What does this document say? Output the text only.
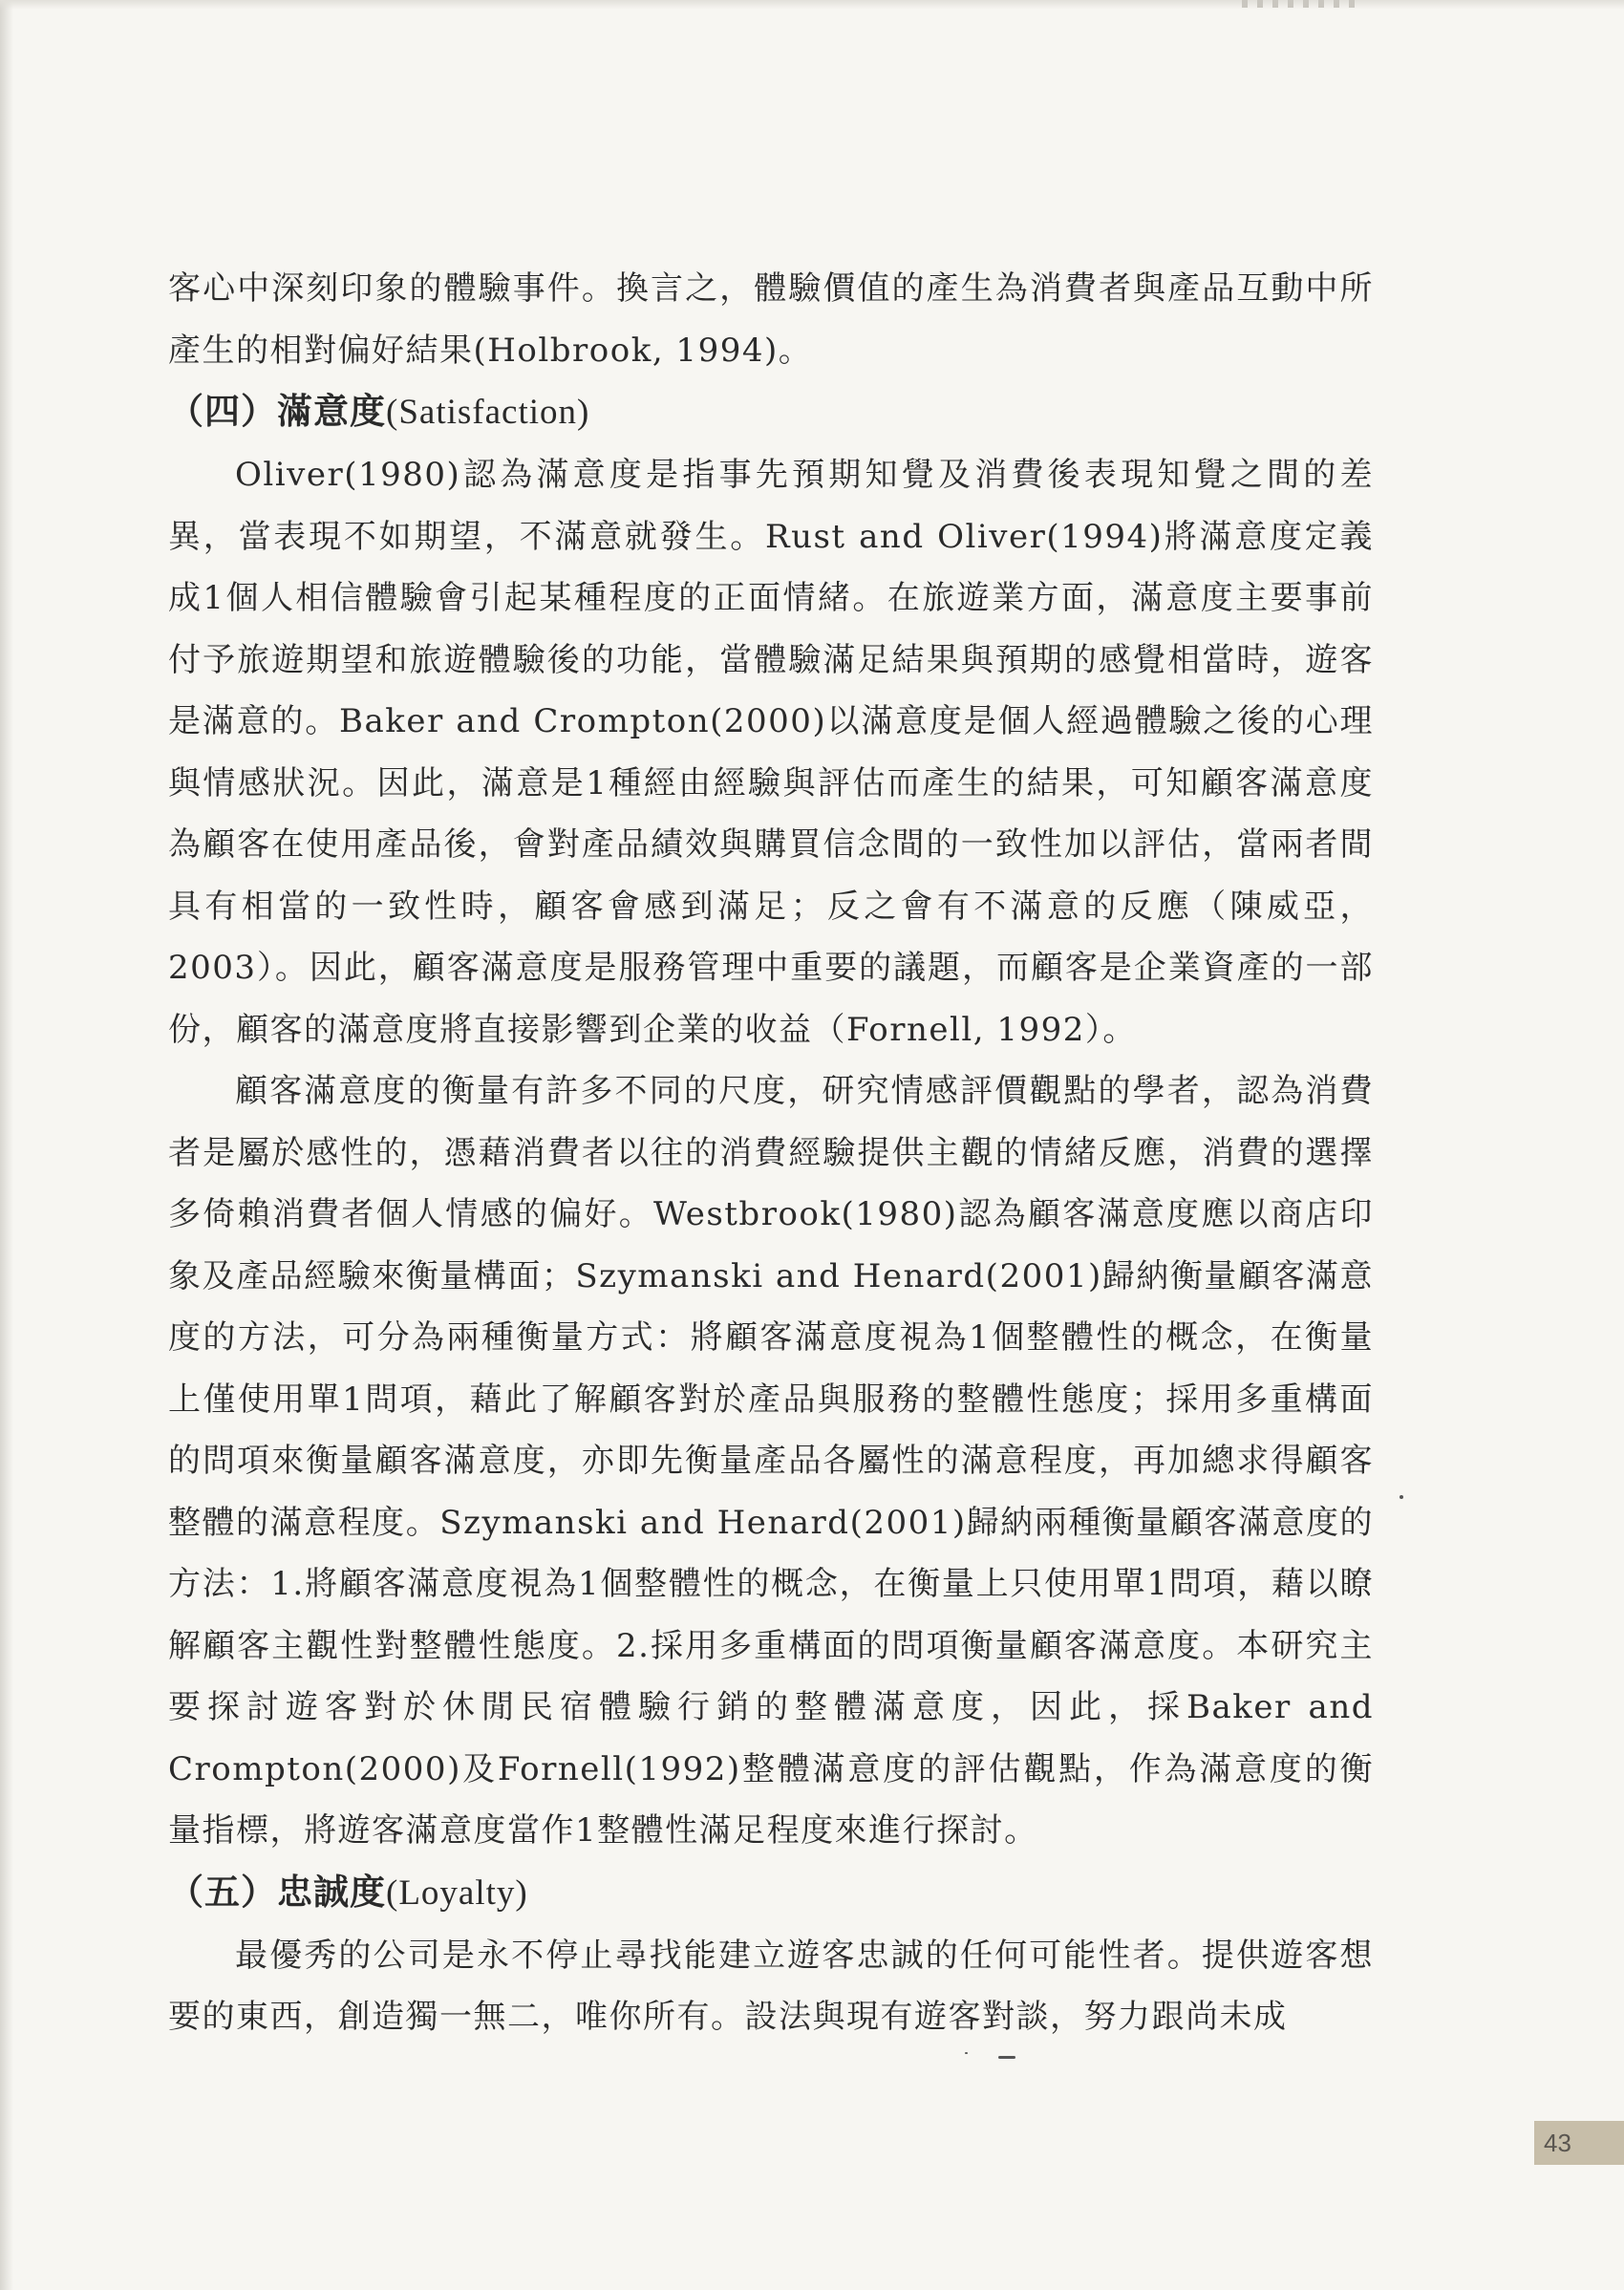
客心中深刻印象的體驗事件。換言之，體驗價值的產生為消費者與產品互動中所產生的相對偏好結果(Holbrook, 1994)。

（四）滿意度(Satisfaction)

Oliver(1980)認為滿意度是指事先預期知覺及消費後表現知覺之間的差異，當表現不如期望，不滿意就發生。Rust and Oliver(1994)將滿意度定義成1個人相信體驗會引起某種程度的正面情緒。在旅遊業方面，滿意度主要事前付予旅遊期望和旅遊體驗後的功能，當體驗滿足結果與預期的感覺相當時，遊客是滿意的。Baker and Crompton(2000)以滿意度是個人經過體驗之後的心理與情感狀況。因此，滿意是1種經由經驗與評估而產生的結果，可知顧客滿意度為顧客在使用產品後，會對產品績效與購買信念間的一致性加以評估，當兩者間具有相當的一致性時，顧客會感到滿足；反之會有不滿意的反應（陳威亞，2003）。因此，顧客滿意度是服務管理中重要的議題，而顧客是企業資產的一部份，顧客的滿意度將直接影響到企業的收益（Fornell, 1992）。

顧客滿意度的衡量有許多不同的尺度，研究情感評價觀點的學者，認為消費者是屬於感性的，憑藉消費者以往的消費經驗提供主觀的情緒反應，消費的選擇多倚賴消費者個人情感的偏好。Westbrook(1980)認為顧客滿意度應以商店印象及產品經驗來衡量構面；Szymanski and Henard(2001)歸納衡量顧客滿意度的方法，可分為兩種衡量方式：將顧客滿意度視為1個整體性的概念，在衡量上僅使用單1問項，藉此了解顧客對於產品與服務的整體性態度；採用多重構面的問項來衡量顧客滿意度，亦即先衡量產品各屬性的滿意程度，再加總求得顧客整體的滿意程度。Szymanski and Henard(2001)歸納兩種衡量顧客滿意度的方法：1.將顧客滿意度視為1個整體性的概念，在衡量上只使用單1問項，藉以瞭解顧客主觀性對整體性態度。2.採用多重構面的問項衡量顧客滿意度。本研究主要探討遊客對於休閒民宿體驗行銷的整體滿意度，因此，採Baker and Crompton(2000)及Fornell(1992)整體滿意度的評估觀點，作為滿意度的衡量指標，將遊客滿意度當作1整體性滿足程度來進行探討。

（五）忠誠度(Loyalty)

最優秀的公司是永不停止尋找能建立遊客忠誠的任何可能性者。提供遊客想要的東西，創造獨一無二，唯你所有。設法與現有遊客對談，努力跟尚未成

43
